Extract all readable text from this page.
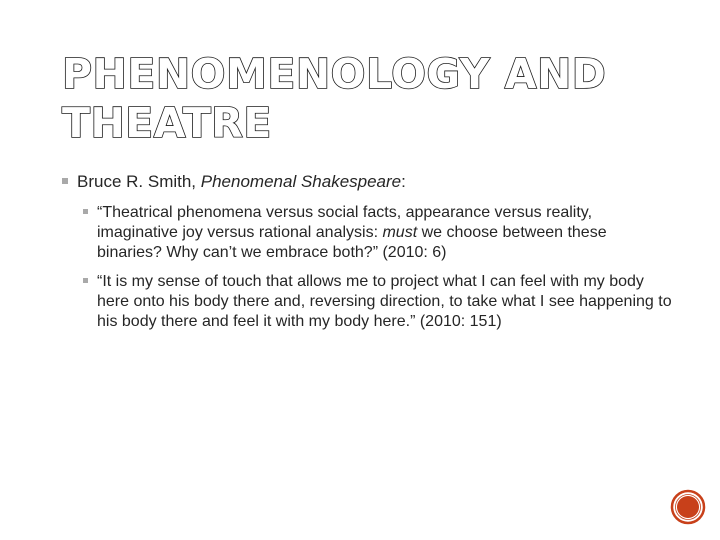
PHENOMENOLOGY AND THEATRE
Bruce R. Smith, Phenomenal Shakespeare:
“Theatrical phenomena versus social facts, appearance versus reality, imaginative joy versus rational analysis: must we choose between these binaries? Why can’t we embrace both?” (2010: 6)
“It is my sense of touch that allows me to project what I can feel with my body here onto his body there and, reversing direction, to take what I see happening to his body there and feel it with my body here.” (2010: 151)
